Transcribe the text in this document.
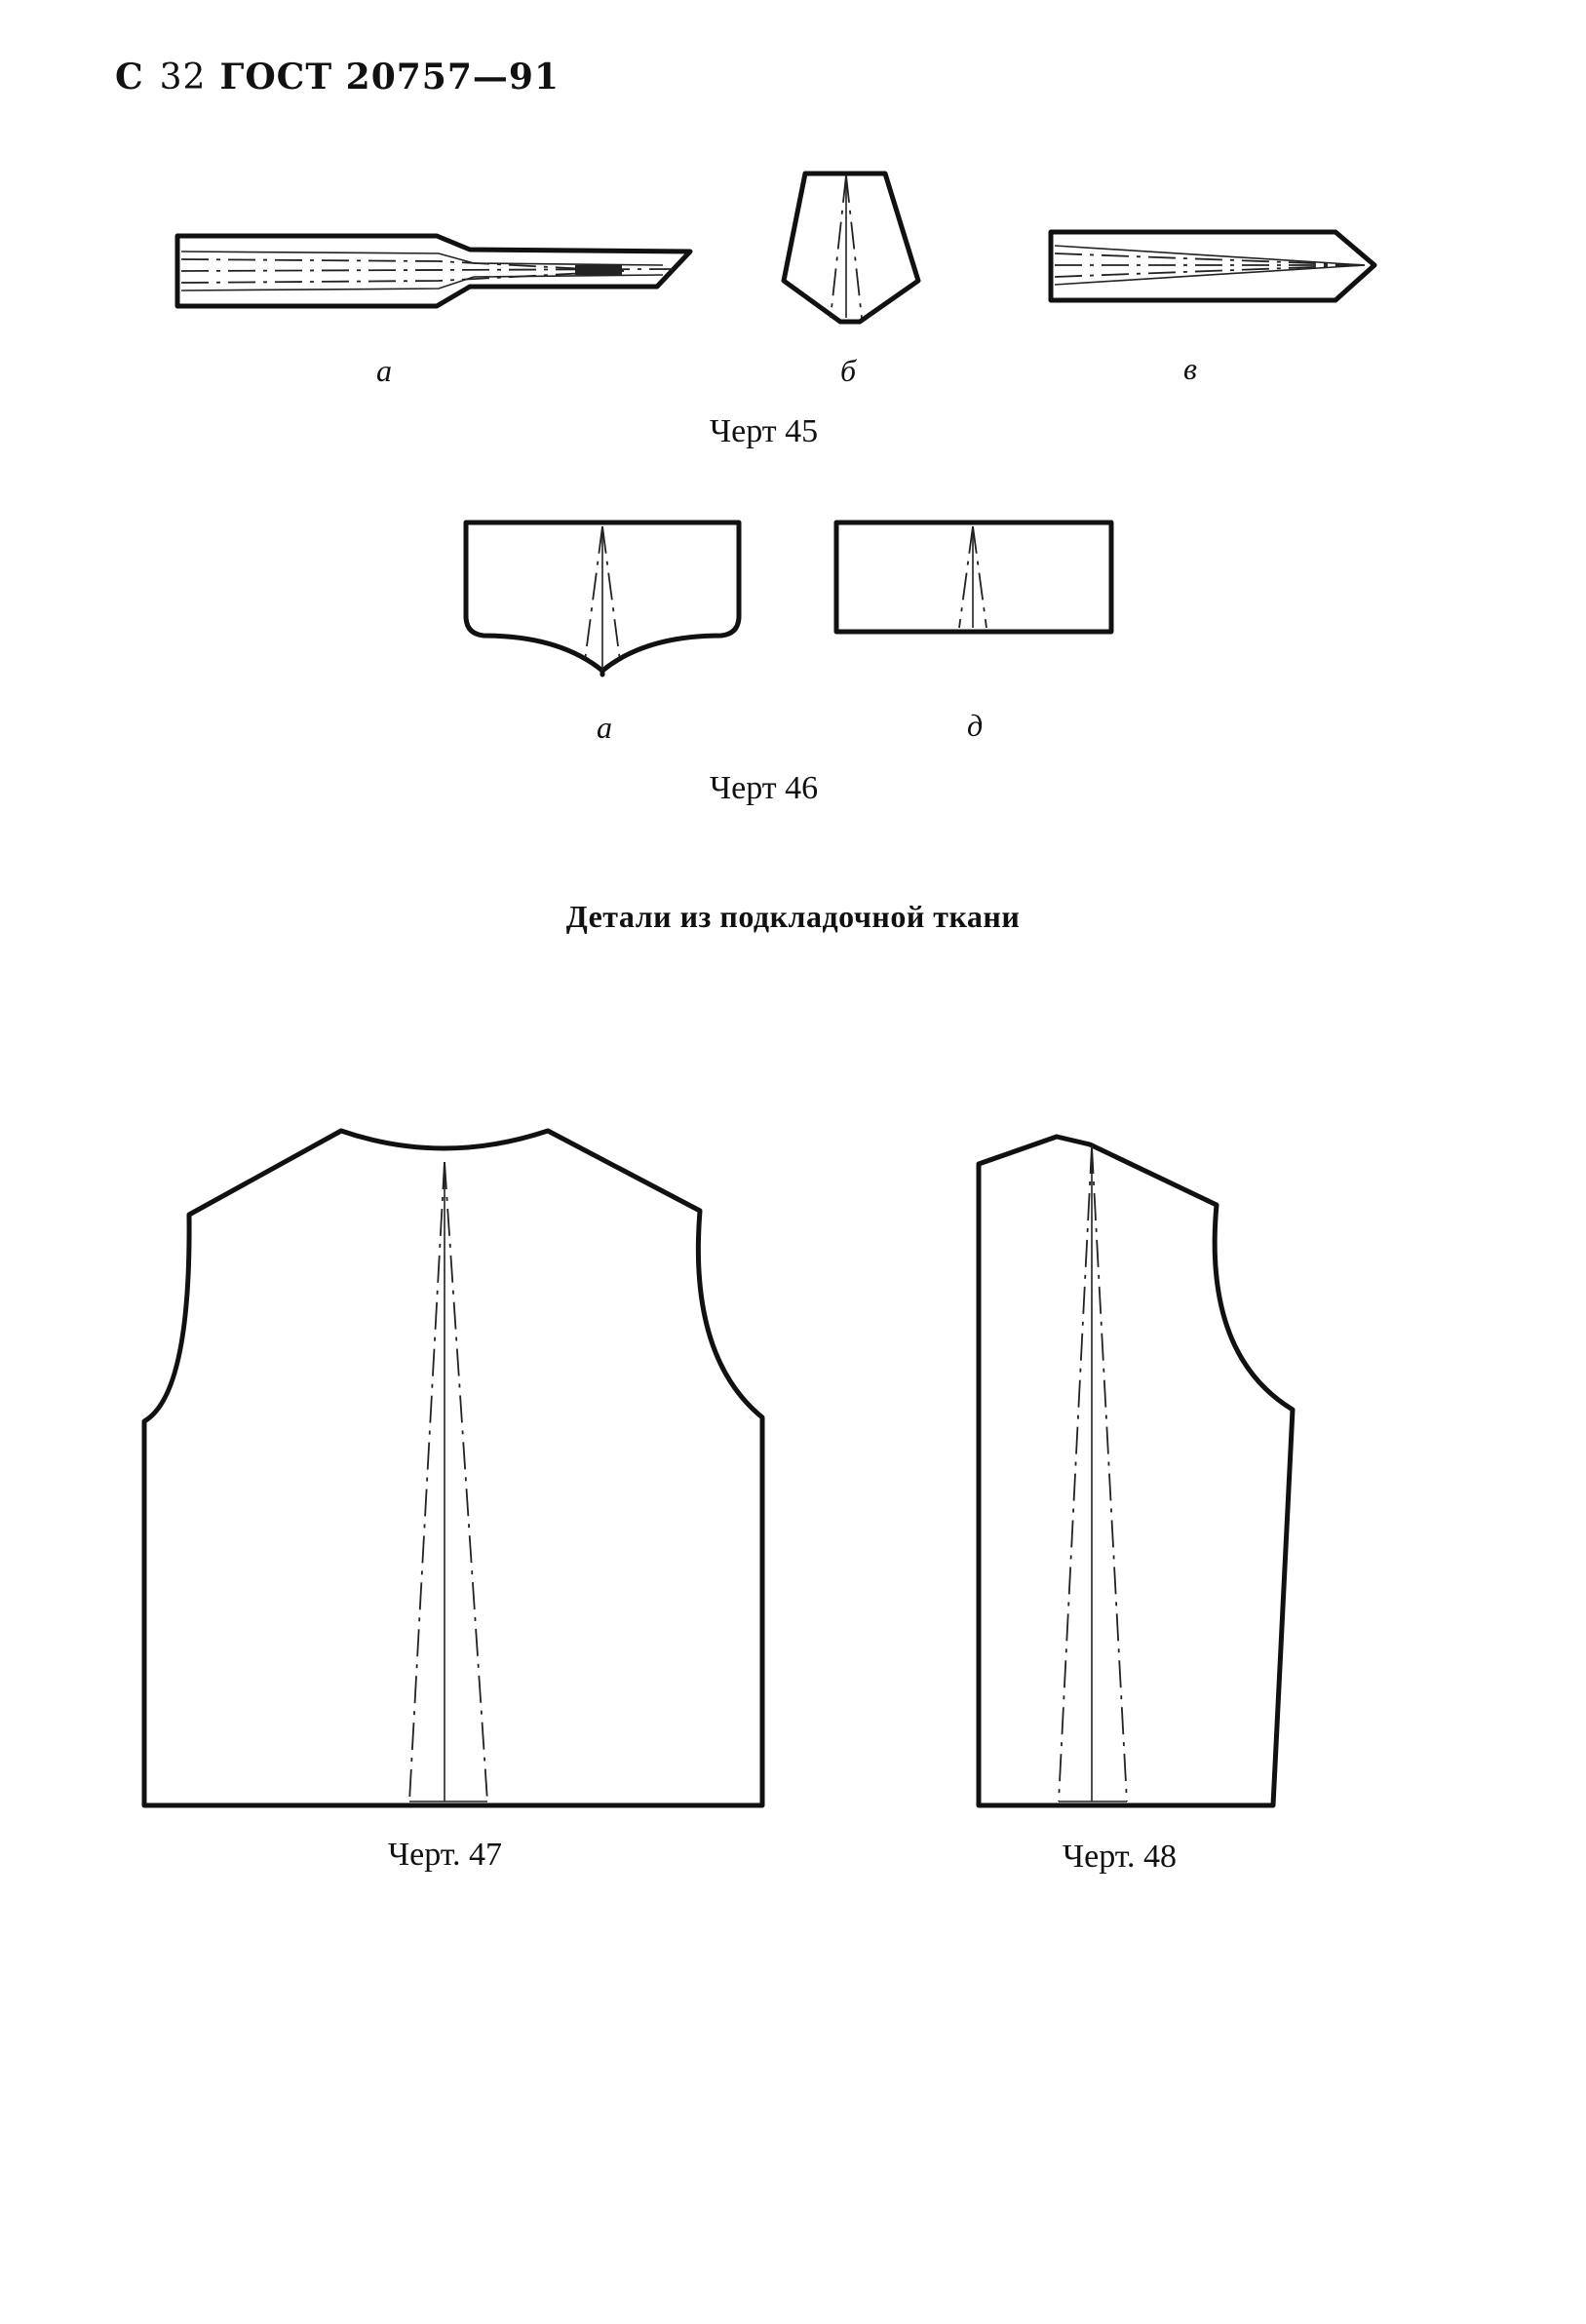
С 32 ГОСТ 20757—91
а	б	в
Черт 45
а	д
Черт 46
Детали из подкладочной ткани
Черт. 47	Черт. 48
